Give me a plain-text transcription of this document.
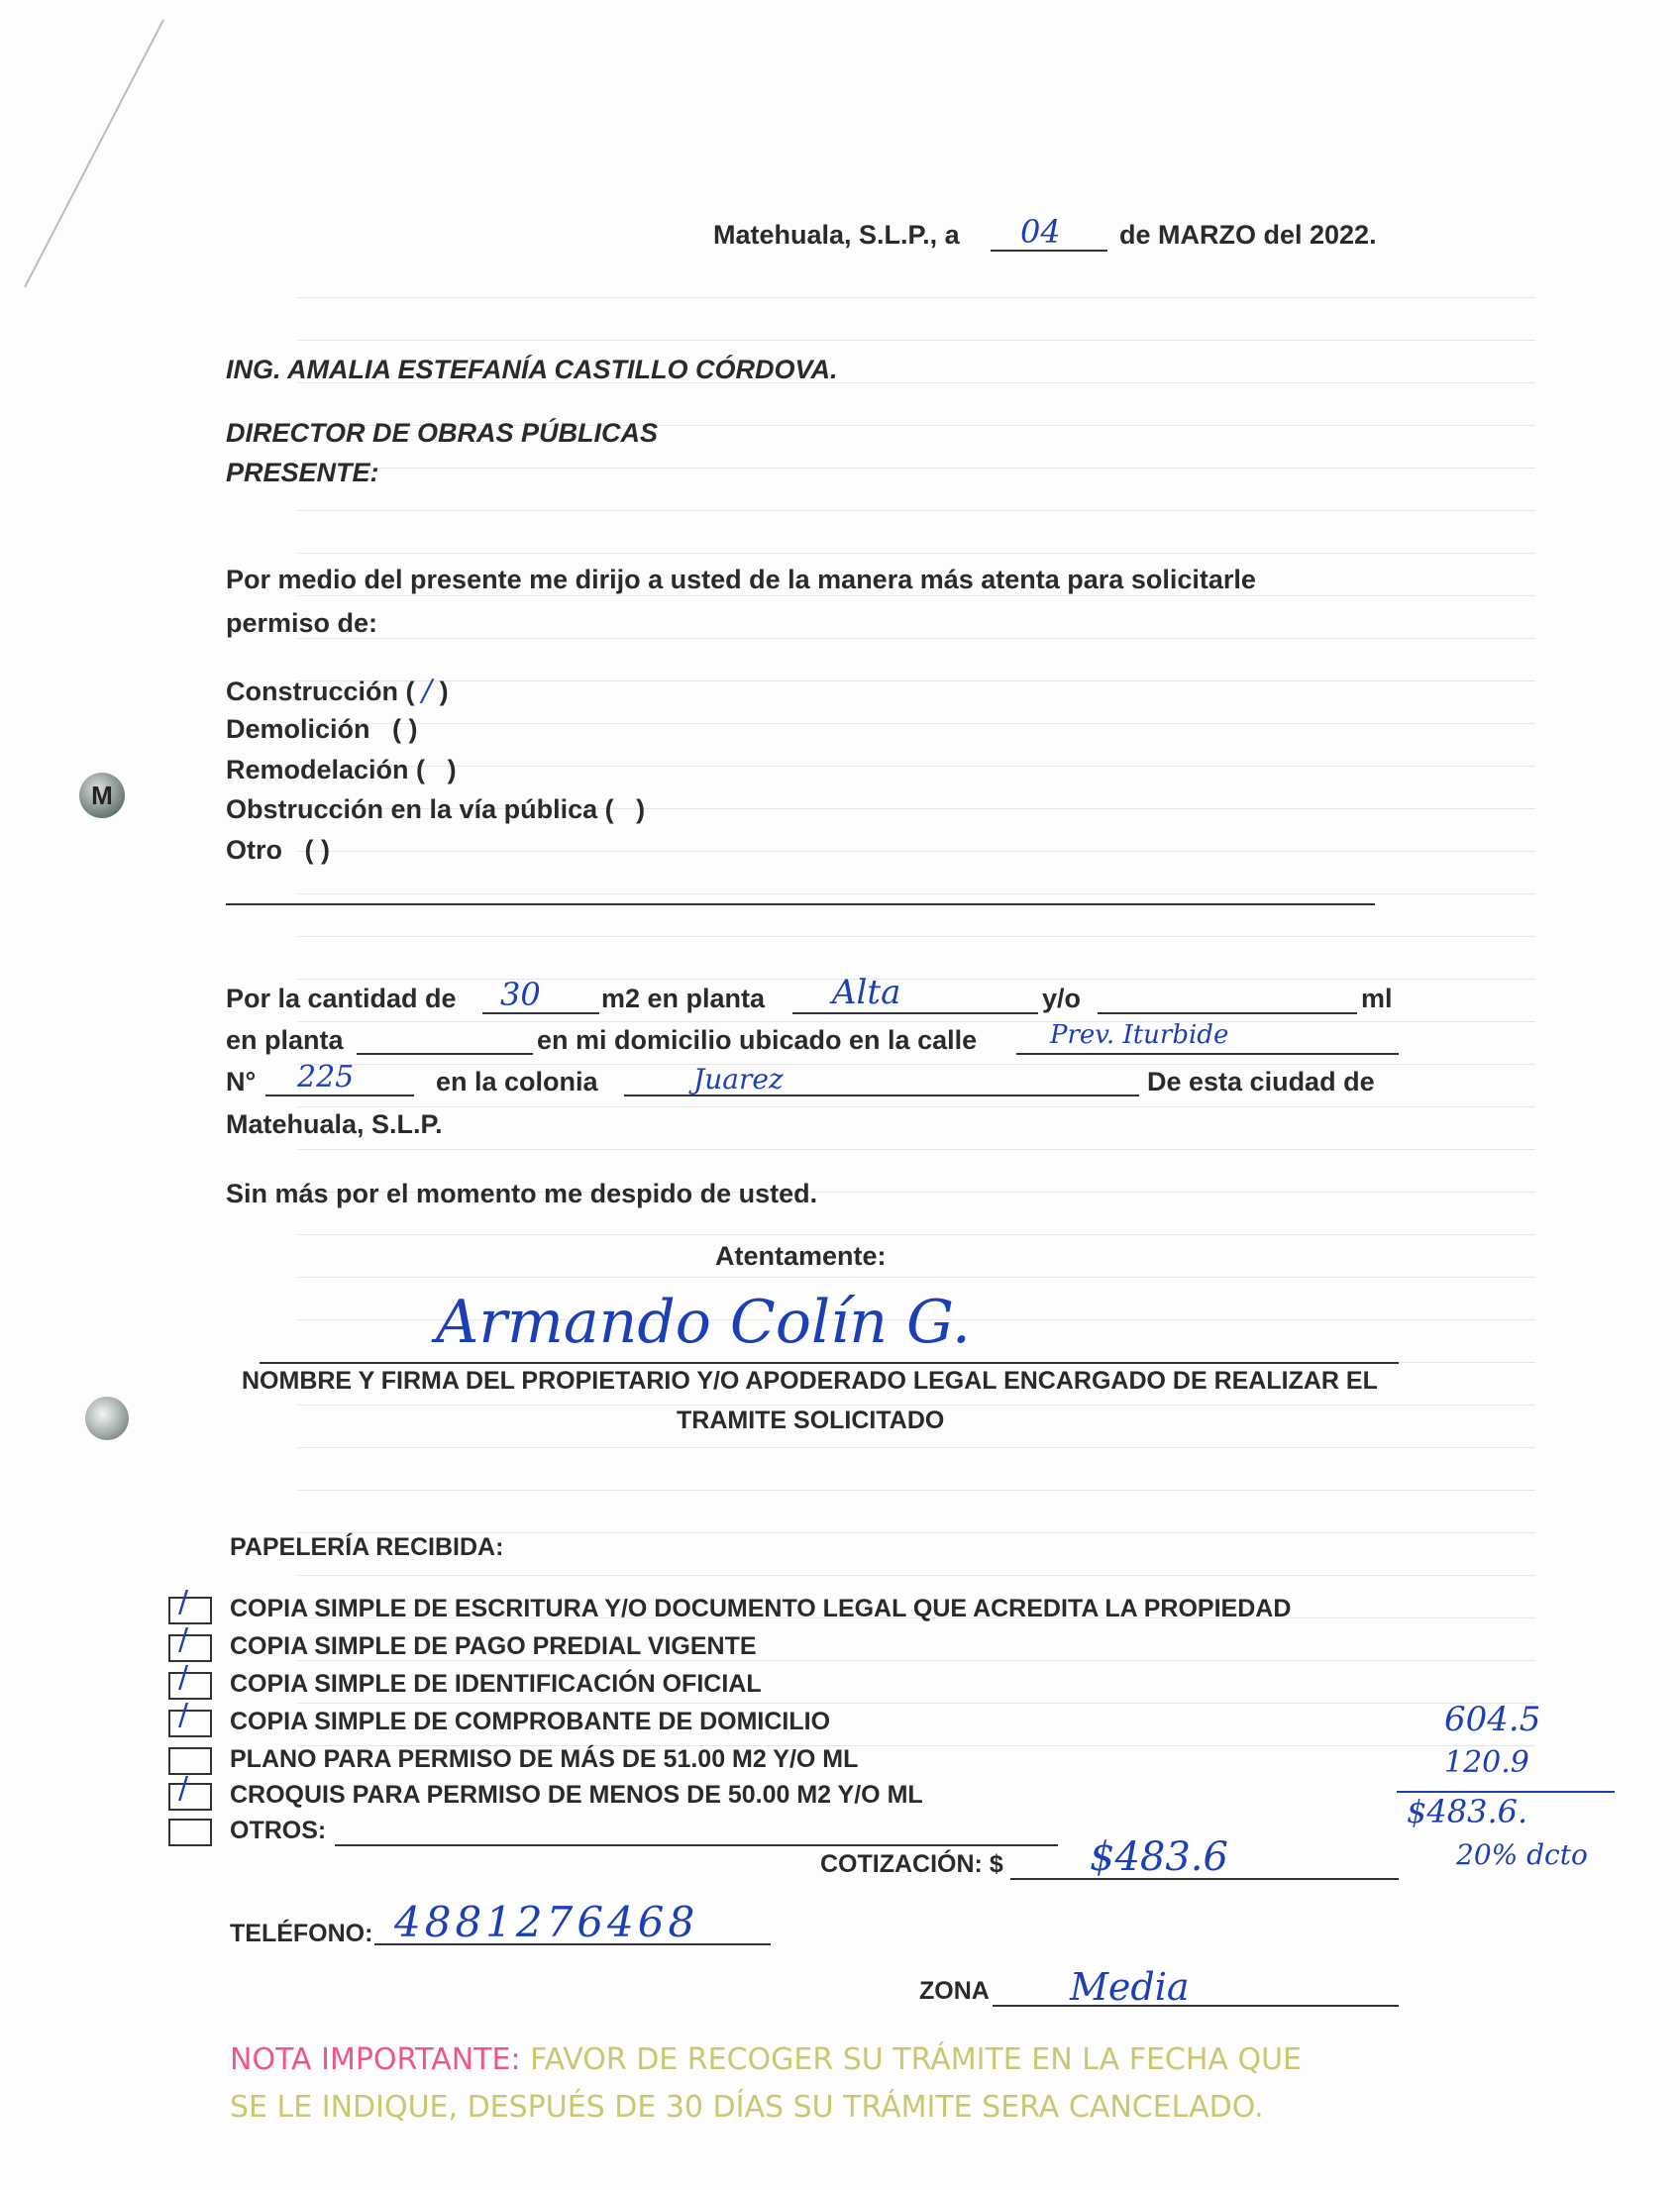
M
Matehuala, S.L.P., a 04 de MARZO del 2022.
ING. AMALIA ESTEFANÍA CASTILLO CÓRDOVA.
DIRECTOR DE OBRAS PÚBLICAS
PRESENTE:
Por medio del presente me dirijo a usted de la manera más atenta para solicitarle
permiso de:
Construcción ( / )
Demolición ( )
Remodelación ( )
Obstrucción en la vía pública ( )
Otro ( )
Por la cantidad de 30 m2 en planta Alta	y/o	ml
en planta	en mi domicilio ubicado en la calle	Prev. Iturbide
N° 225	en la colonia	Juarez	De esta ciudad de
Matehuala, S.L.P.
Sin más por el momento me despido de usted.
Atentamente:
Armando Colín G.
NOMBRE Y FIRMA DEL PROPIETARIO Y/O APODERADO LEGAL ENCARGADO DE REALIZAR EL
TRAMITE SOLICITADO
PAPELERÍA RECIBIDA:
/ COPIA SIMPLE DE ESCRITURA Y/O DOCUMENTO LEGAL QUE ACREDITA LA PROPIEDAD
/ COPIA SIMPLE DE PAGO PREDIAL VIGENTE
/ COPIA SIMPLE DE IDENTIFICACIÓN OFICIAL
/ COPIA SIMPLE DE COMPROBANTE DE DOMICILIO
PLANO PARA PERMISO DE MÁS DE 51.00 M2 Y/O ML
/ CROQUIS PARA PERMISO DE MENOS DE 50.00 M2 Y/O ML
OTROS:
604.5
120.9
$483.6.
20% dcto
COTIZACIÓN: $ $483.6
TELÉFONO: 4881276468
ZONA Media
NOTA IMPORTANTE: FAVOR DE RECOGER SU TRÁMITE EN LA FECHA QUE
SE LE INDIQUE, DESPUÉS DE 30 DÍAS SU TRÁMITE SERA CANCELADO.
